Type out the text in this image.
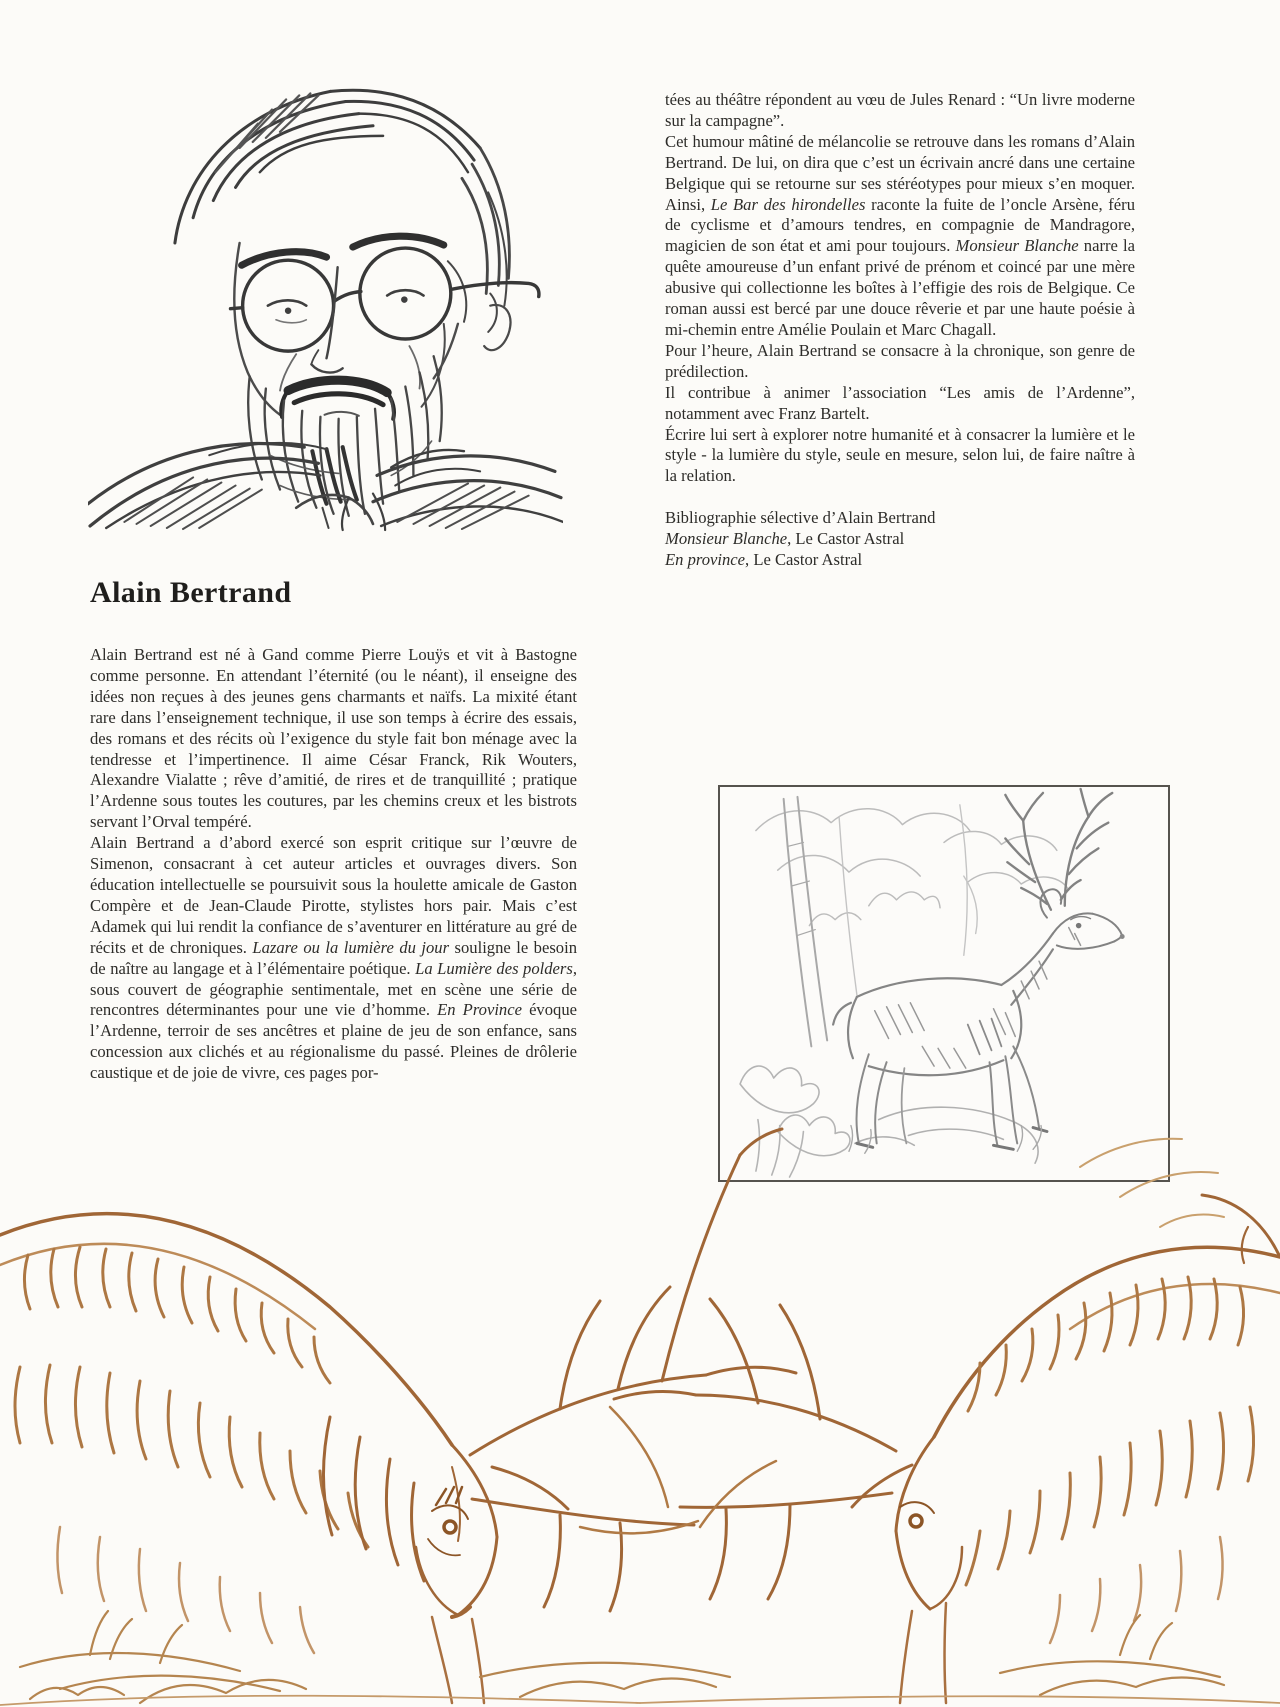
Alain Bertrand

Alain Bertrand est né à Gand comme Pierre Louÿs et vit à Bastogne comme personne. En attendant l’éternité (ou le néant), il enseigne des idées non reçues à des jeunes gens charmants et naïfs. La mixité étant rare dans l’enseignement technique, il use son temps à écrire des essais, des romans et des récits où l’exigence du style fait bon ménage avec la tendresse et l’impertinence. Il aime César Franck, Rik Wouters, Alexandre Vialatte ; rêve d’amitié, de rires et de tranquillité ; pratique l’Ardenne sous toutes les coutures, par les chemins creux et les bistrots servant l’Orval tempéré.

Alain Bertrand a d’abord exercé son esprit critique sur l’œuvre de Simenon, consacrant à cet auteur articles et ouvrages divers. Son éducation intellectuelle se poursuivit sous la houlette amicale de Gaston Compère et de Jean-Claude Pirotte, stylistes hors pair. Mais c’est Adamek qui lui rendit la confiance de s’aventurer en littérature au gré de récits et de chroniques. Lazare ou la lumière du jour souligne le besoin de naître au langage et à l’élémentaire poétique. La Lumière des polders, sous couvert de géographie sentimentale, met en scène une série de rencontres déterminantes pour une vie d’homme. En Province évoque l’Ardenne, terroir de ses ancêtres et plaine de jeu de son enfance, sans concession aux clichés et au régionalisme du passé. Pleines de drôlerie caustique et de joie de vivre, ces pages por-

tées au théâtre répondent au vœu de Jules Renard : “Un livre moderne sur la campagne”.

Cet humour mâtiné de mélancolie se retrouve dans les romans d’Alain Bertrand. De lui, on dira que c’est un écrivain ancré dans une certaine Belgique qui se retourne sur ses stéréotypes pour mieux s’en moquer. Ainsi, Le Bar des hirondelles raconte la fuite de l’oncle Arsène, féru de cyclisme et d’amours tendres, en compagnie de Mandragore, magicien de son état et ami pour toujours. Monsieur Blanche narre la quête amoureuse d’un enfant privé de prénom et coincé par une mère abusive qui collectionne les boîtes à l’effigie des rois de Belgique. Ce roman aussi est bercé par une douce rêverie et par une haute poésie à mi-chemin entre Amélie Poulain et Marc Chagall.

Pour l’heure, Alain Bertrand se consacre à la chronique, son genre de prédilection.

Il contribue à animer l’association “Les amis de l’Ardenne”, notamment avec Franz Bartelt.

Écrire lui sert à explorer notre humanité et à consacrer la lumière et le style - la lumière du style, seule en mesure, selon lui, de faire naître à la relation.

Bibliographie sélective d’Alain Bertrand

Monsieur Blanche, Le Castor Astral

En province, Le Castor Astral
